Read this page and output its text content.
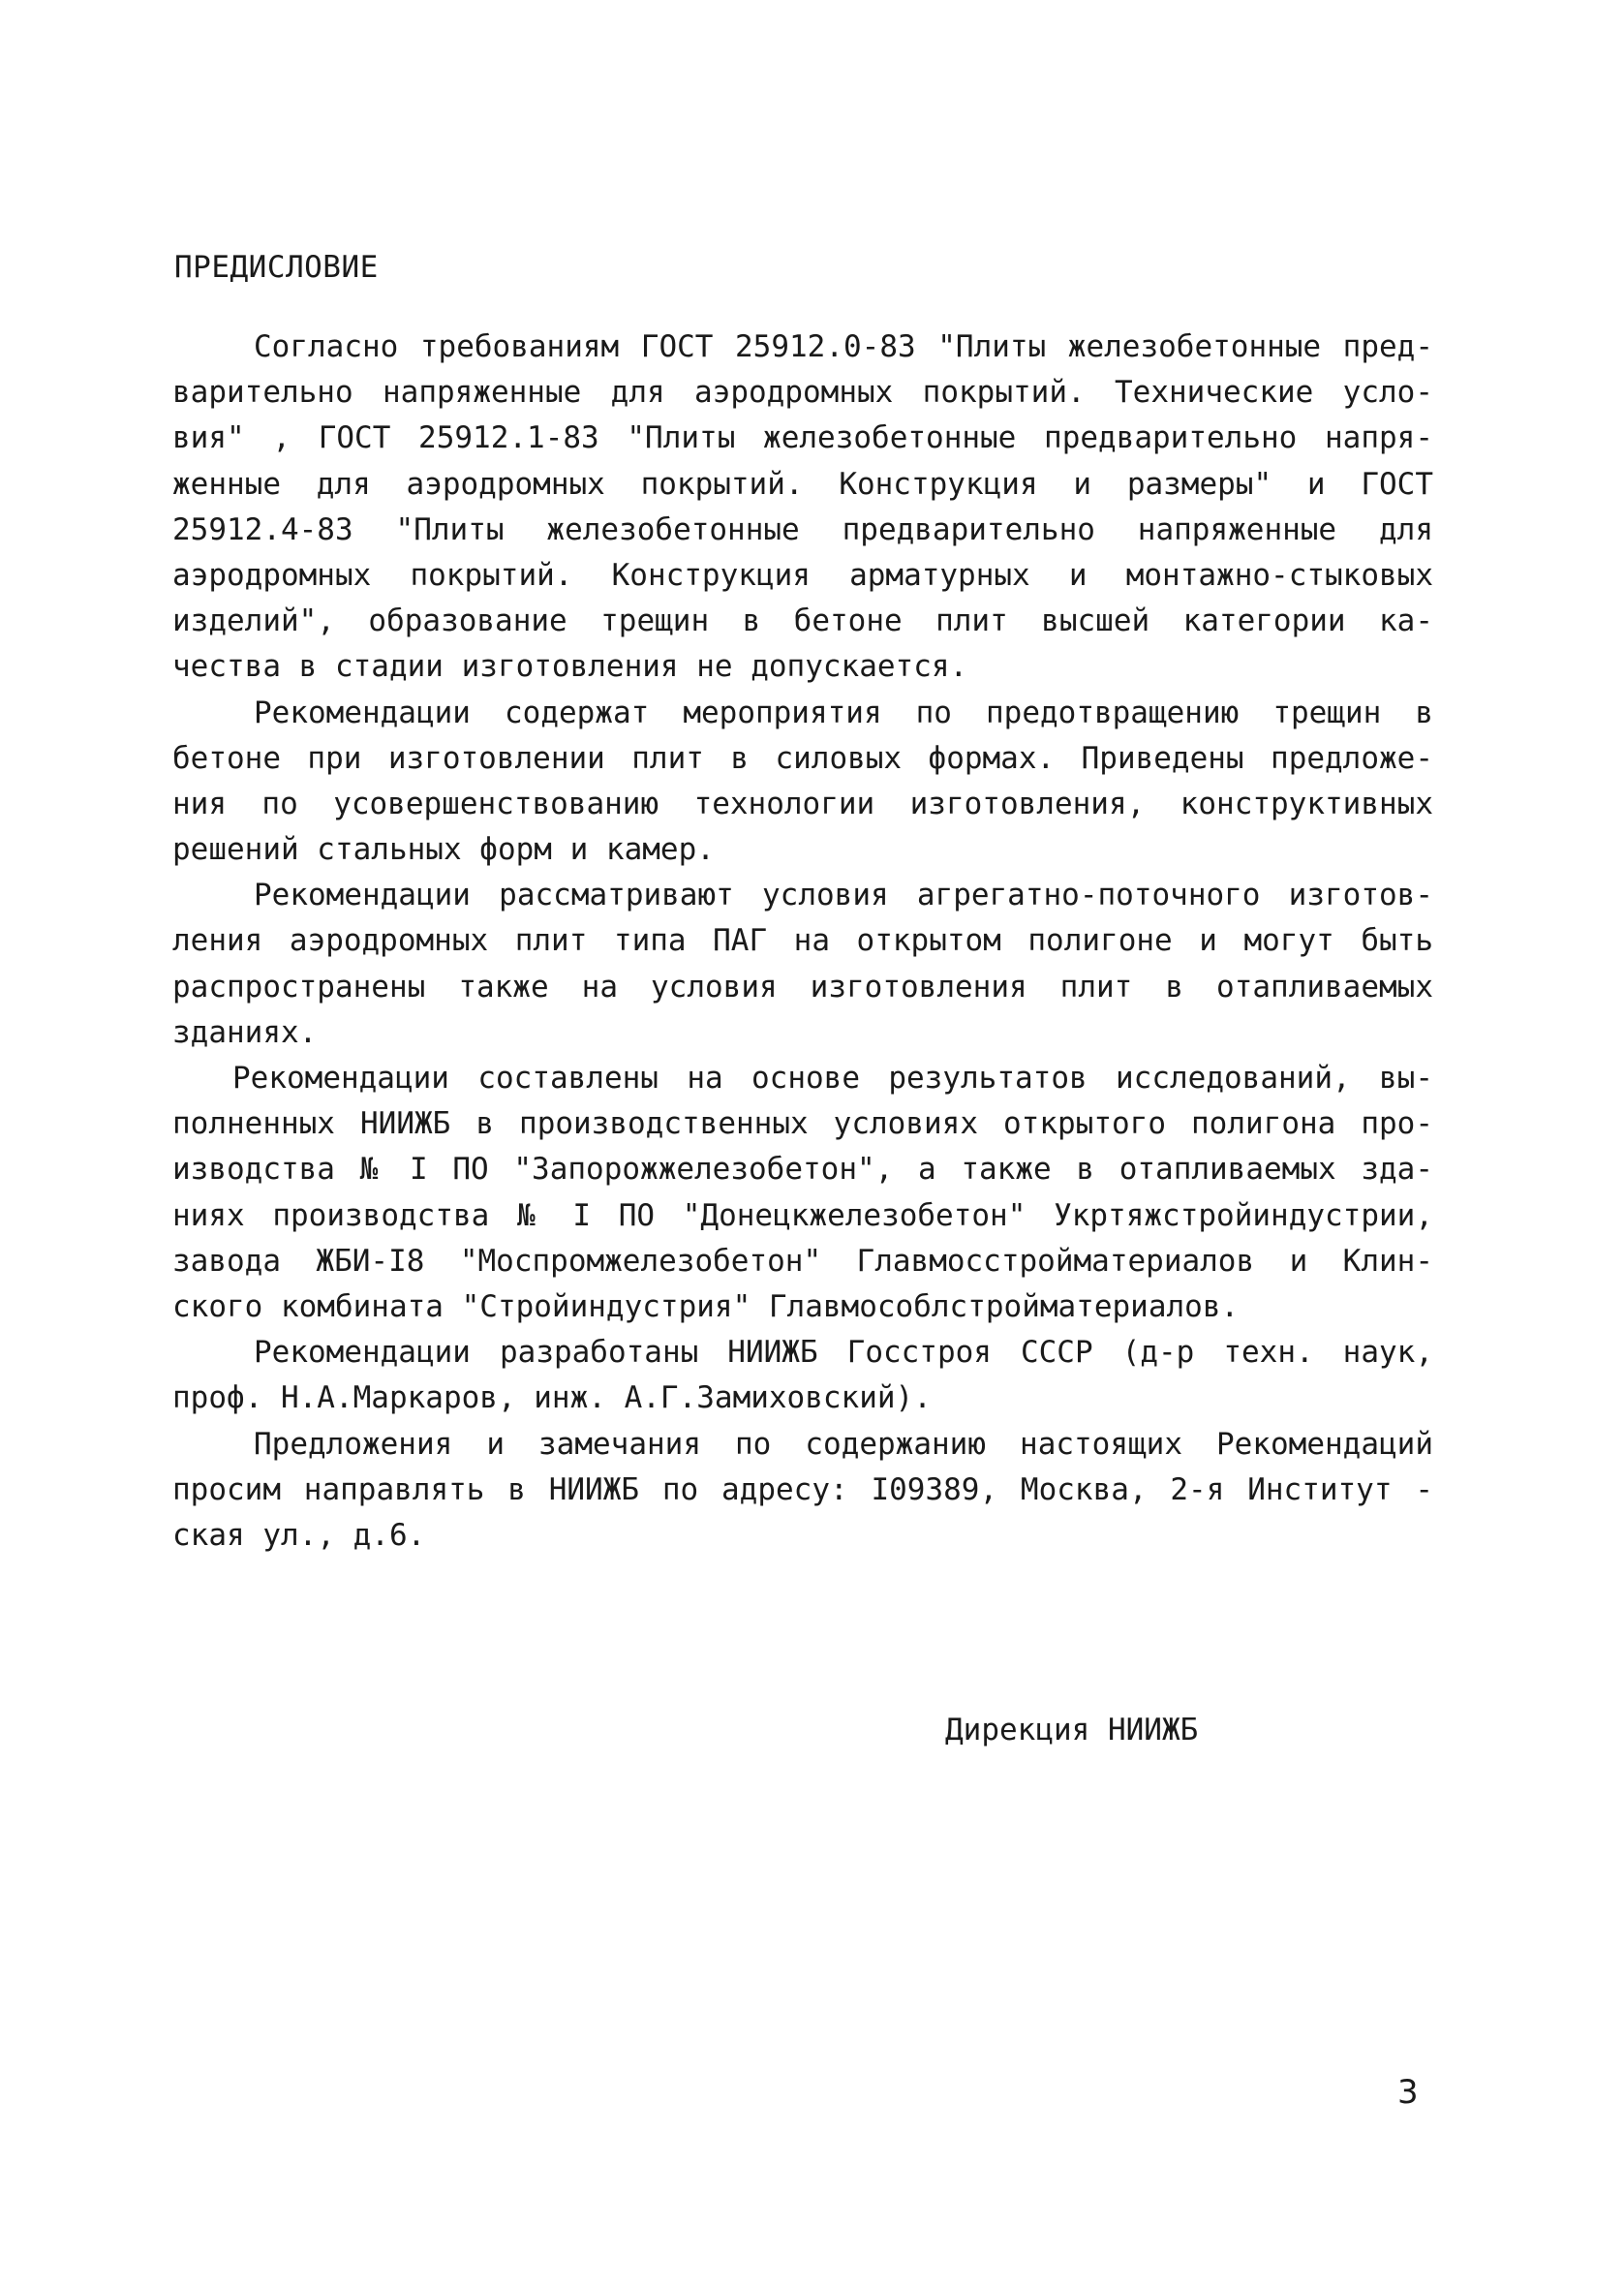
ПРЕДИСЛОВИЕ
Согласно требованиям ГОСТ 25912.0-83 "Плиты железобетонные пред-
варительно напряженные для аэродромных покрытий. Технические усло-
вия" , ГОСТ 25912.1-83 "Плиты железобетонные предварительно напря-
женные для аэродромных покрытий. Конструкция и размеры" и ГОСТ
25912.4-83 "Плиты железобетонные предварительно напряженные для
аэродромных покрытий. Конструкция арматурных и монтажно-стыковых
изделий", образование трещин в бетоне плит высшей категории ка-
чества в стадии изготовления не допускается.
Рекомендации содержат мероприятия по предотвращению трещин в
бетоне при изготовлении плит в силовых формах. Приведены предложе-
ния по усовершенствованию технологии изготовления, конструктивных
решений стальных форм и камер.
Рекомендации рассматривают условия агрегатно-поточного изготов-
ления аэродромных плит типа ПАГ на открытом полигоне и могут быть
распространены также на условия изготовления плит в отапливаемых
зданиях.
Рекомендации составлены на основе результатов исследований, вы-
полненных НИИЖБ в производственных условиях открытого полигона про-
изводства № I ПО "Запорожжелезобетон", а также в отапливаемых зда-
ниях производства № I ПО "Донецкжелезобетон" Укртяжстройиндустрии,
завода ЖБИ-I8 "Моспромжелезобетон" Главмосстройматериалов и Клин-
ского комбината "Стройиндустрия" Главмособлстройматериалов.
Рекомендации разработаны НИИЖБ Госстроя СССР (д-р техн. наук,
проф. Н.А.Маркаров, инж. А.Г.Замиховский).
Предложения и замечания по содержанию настоящих Рекомендаций
просим направлять в НИИЖБ по адресу: I09389, Москва, 2-я Институт -
ская ул., д.6.
Дирекция НИИЖБ
3
